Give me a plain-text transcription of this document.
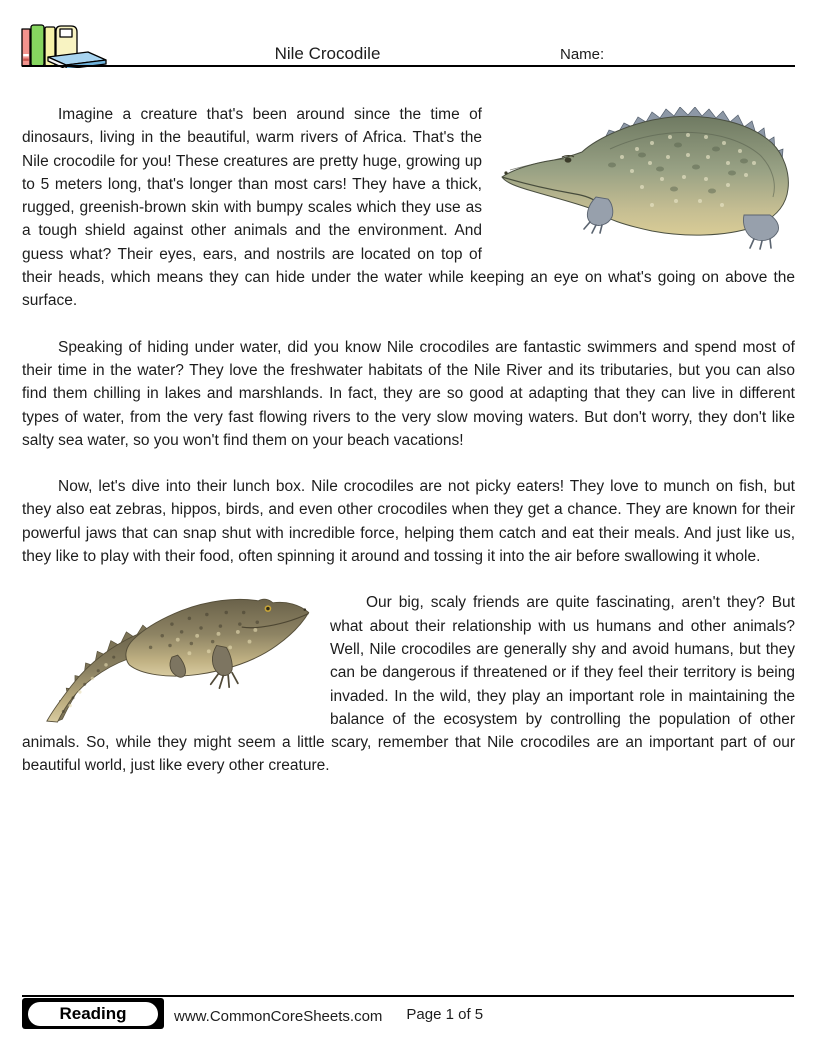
Nile Crocodile	Name:

Imagine a creature that's been around since the time of dinosaurs, living in the beautiful, warm rivers of Africa. That's the Nile crocodile for you! These creatures are pretty huge, growing up to 5 meters long, that's longer than most cars! They have a thick, rugged, greenish-brown skin with bumpy scales which they use as a tough shield against other animals and the environment. And guess what? Their eyes, ears, and nostrils are located on top of their heads, which means they can hide under the water while keeping an eye on what's going on above the surface.

Speaking of hiding under water, did you know Nile crocodiles are fantastic swimmers and spend most of their time in the water? They love the freshwater habitats of the Nile River and its tributaries, but you can also find them chilling in lakes and marshlands. In fact, they are so good at adapting that they can live in different types of water, from the very fast flowing rivers to the very slow moving waters. But don't worry, they don't like salty sea water, so you won't find them on your beach vacations!

Now, let's dive into their lunch box. Nile crocodiles are not picky eaters! They love to munch on fish, but they also eat zebras, hippos, birds, and even other crocodiles when they get a chance. They are known for their powerful jaws that can snap shut with incredible force, helping them catch and eat their meals. And just like us, they like to play with their food, often spinning it around and tossing it into the air before swallowing it whole.

Our big, scaly friends are quite fascinating, aren't they? But what about their relationship with us humans and other animals? Well, Nile crocodiles are generally shy and avoid humans, but they can be dangerous if threatened or if they feel their territory is being invaded. In the wild, they play an important role in maintaining the balance of the ecosystem by controlling the population of other animals. So, while they might seem a little scary, remember that Nile crocodiles are an important part of our beautiful world, just like every other creature.

Reading	www.CommonCoreSheets.com Page 1 of 5
